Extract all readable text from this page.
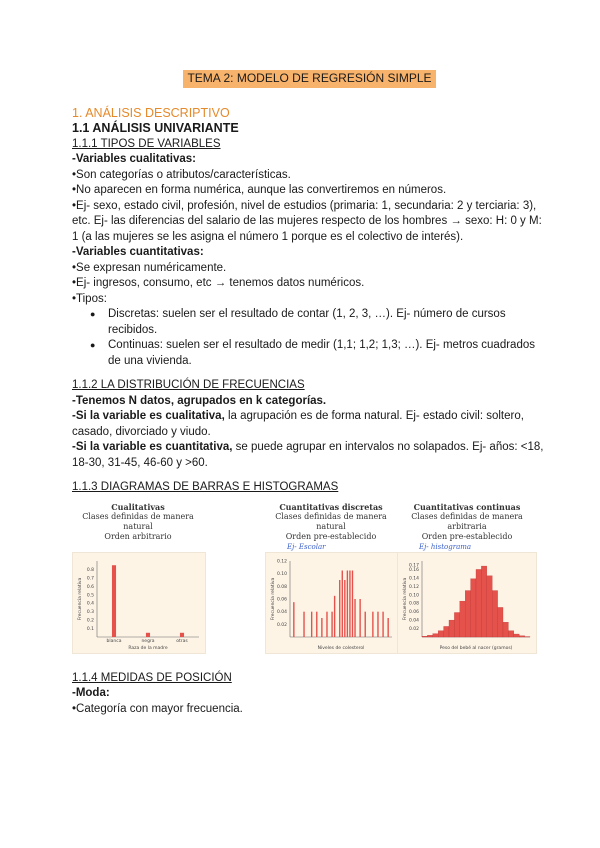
TEMA 2: MODELO DE REGRESIÓN SIMPLE

1. ANÁLISIS DESCRIPTIVO

1.1 ANÁLISIS UNIVARIANTE

1.1.1 TIPOS DE VARIABLES

-Variables cualitativas:

•Son categorías o atributos/características.

•No aparecen en forma numérica, aunque las convertiremos en números.

•Ej- sexo, estado civil, profesión, nivel de estudios (primaria: 1, secundaria: 2 y terciaria: 3), etc. Ej- las diferencias del salario de las mujeres respecto de los hombres → sexo: H: 0 y M: 1 (a las mujeres se les asigna el número 1 porque es el colectivo de interés).

-Variables cuantitativas:

•Se expresan numéricamente.

•Ej- ingresos, consumo, etc → tenemos datos numéricos.

•Tipos:

● Discretas: suelen ser el resultado de contar (1, 2, 3, …). Ej- número de cursos recibidos.
● Continuas: suelen ser el resultado de medir (1,1; 1,2; 1,3; …). Ej- metros cuadrados de una vivienda.

1.1.2 LA DISTRIBUCIÓN DE FRECUENCIAS

-Tenemos N datos, agrupados en k categorías.

-Si la variable es cualitativa, la agrupación es de forma natural. Ej- estado civil: soltero, casado, divorciado y viudo.

-Si la variable es cuantitativa, se puede agrupar en intervalos no solapados. Ej- años: <18, 18-30, 31-45, 46-60 y >60.

1.1.3 DIAGRAMAS DE BARRAS E HISTOGRAMAS

Cualitativas
Clases definidas de manera natural
Orden arbitrario
0.1
0.2
0.3
0.4
0.5
0.6
0.7
0.8
blanca	negra	otras
Raza de la madre
Frecuencia relativa
Cuantitativas discretas
Clases definidas de manera natural
Orden pre-establecido
Ej- Escolar
0.02
0.04
0.06
0.08
0.10
0.12
Niveles de colesterol
Frecuencia relativa
Cuantitativas continuas
Clases definidas de manera arbitraria
Orden pre-establecido
Ej- histograma
0.02
0.04
0.06
0.08
0.10
0.12
0.14
0.16
0.17
Peso del bebé al nacer (gramos)
Frecuencia relativa

1.1.4 MEDIDAS DE POSICIÓN

-Moda:

•Categoría con mayor frecuencia.
